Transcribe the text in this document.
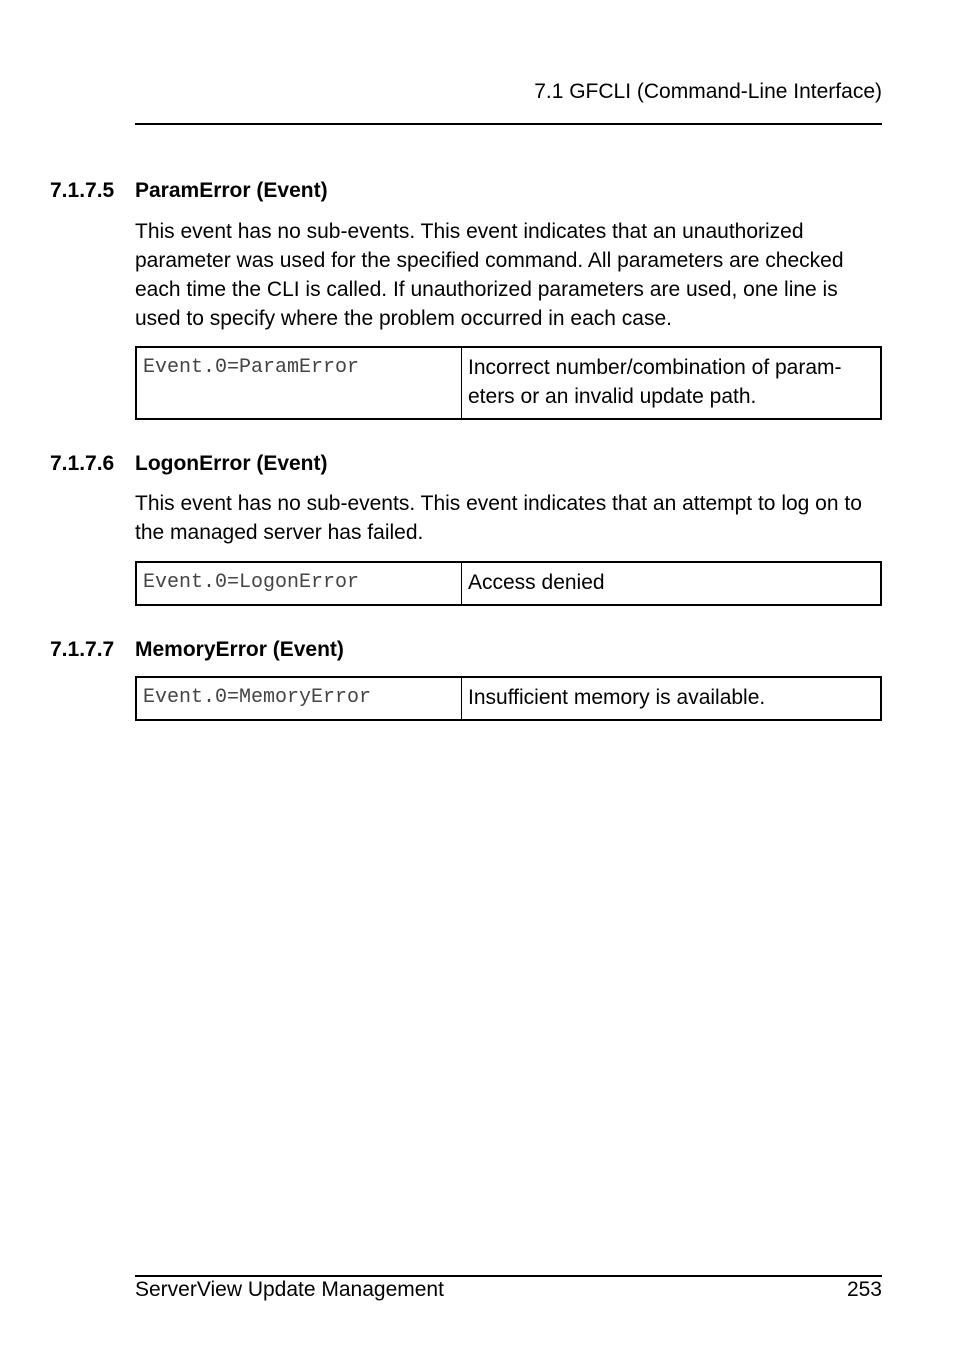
7.1 GFCLI (Command-Line Interface)
7.1.7.5 ParamError (Event)
This event has no sub-events. This event indicates that an unauthorized parameter was used for the specified command. All parameters are checked each time the CLI is called. If unauthorized parameters are used, one line is used to specify where the problem occurred in each case.
Event.0=ParamError	Incorrect number/combination of param- eters or an invalid update path.
7.1.7.6 LogonError (Event)
This event has no sub-events. This event indicates that an attempt to log on to the managed server has failed.
Event.0=LogonError	Access denied
7.1.7.7 MemoryError (Event)
Event.0=MemoryError	Insufficient memory is available.
ServerView Update Management	253
